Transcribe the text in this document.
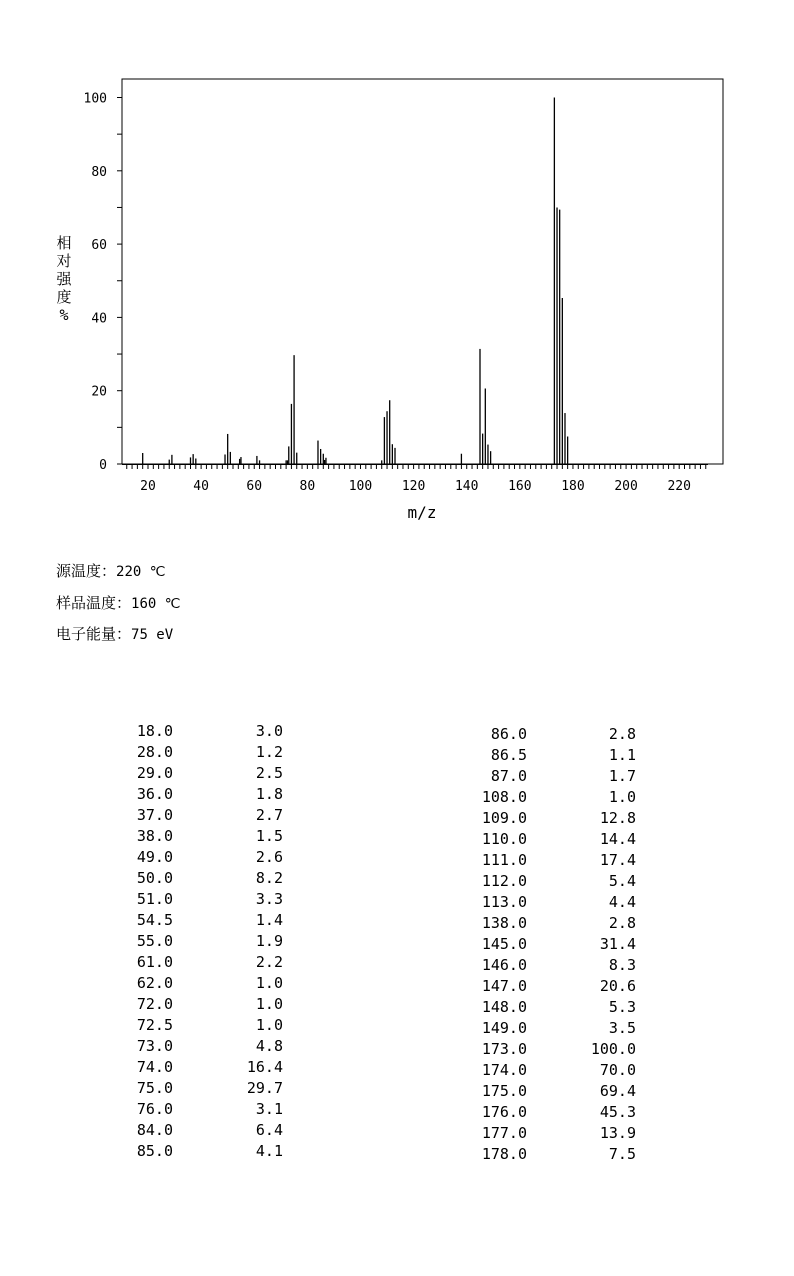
0
20
40
60
80
100
20	40	60	80	100 120 140 160 180 200 220
相对强度%
m/z
源温度：220 ℃
样品温度：160 ℃
电子能量：75 eV
18.0	3.0
28.0	1.2
29.0	2.5
36.0	1.8
37.0	2.7
38.0	1.5
49.0	2.6
50.0	8.2
51.0	3.3
54.5	1.4
55.0	1.9
61.0	2.2
62.0	1.0
72.0	1.0
72.5	1.0
73.0	4.8
74.0	16.4
75.0	29.7
76.0	3.1
84.0	6.4
85.0	4.1
86.0	2.8
86.5	1.1
87.0	1.7
108.0	1.0
109.0	12.8
110.0	14.4
111.0	17.4
112.0	5.4
113.0	4.4
138.0	2.8
145.0	31.4
146.0	8.3
147.0	20.6
148.0	5.3
149.0	3.5
173.0	100.0
174.0	70.0
175.0	69.4
176.0	45.3
177.0	13.9
178.0	7.5
